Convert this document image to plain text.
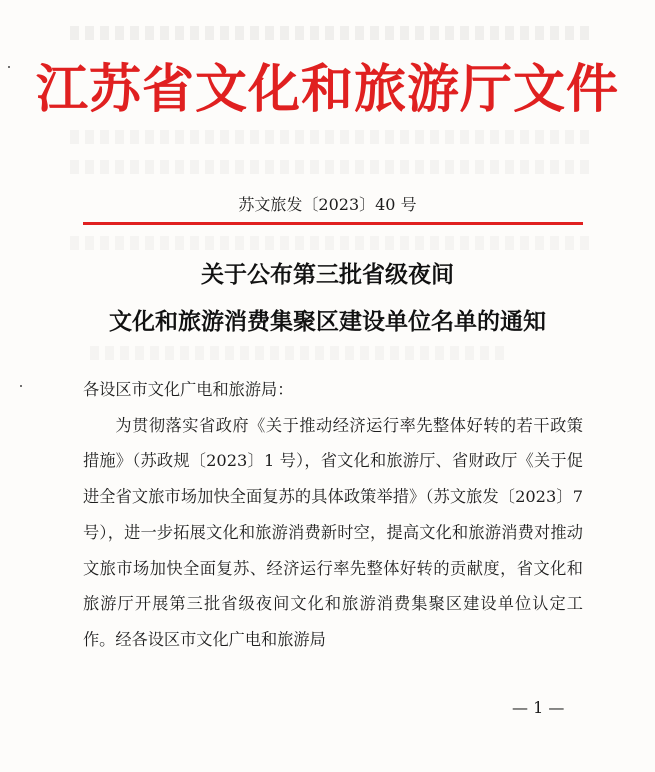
江苏省文化和旅游厅文件
苏文旅发〔2023〕40 号
关于公布第三批省级夜间
文化和旅游消费集聚区建设单位名单的通知

各设区市文化广电和旅游局：

为贯彻落实省政府《关于推动经济运行率先整体好转的若干政策措施》（苏政规〔2023〕1 号），省文化和旅游厅、省财政厅《关于促进全省文旅市场加快全面复苏的具体政策举措》（苏文旅发〔2023〕7 号），进一步拓展文化和旅游消费新时空，提高文化和旅游消费对推动文旅市场加快全面复苏、经济运行率先整体好转的贡献度，省文化和旅游厅开展第三批省级夜间文化和旅游消费集聚区建设单位认定工作。经各设区市文化广电和旅游局

— 1 —
